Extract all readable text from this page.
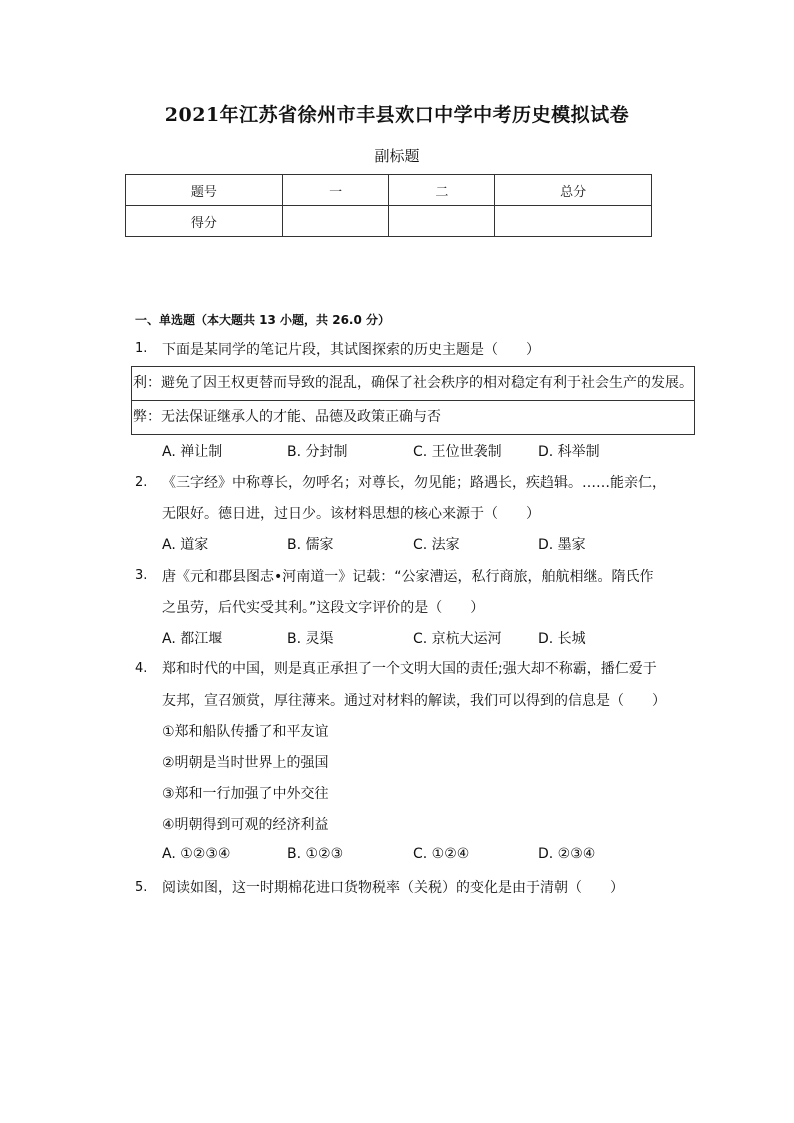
2021年江苏省徐州市丰县欢口中学中考历史模拟试卷
副标题
题号	一	二	总分
得分			
一、单选题（本大题共 13 小题，共 26.0 分）
1. 下面是某同学的笔记片段，其试图探索的历史主题是（　　）
利：避免了因王权更替而导致的混乱，确保了社会秩序的相对稳定有利于社会生产的发展。
弊：无法保证继承人的才能、品德及政策正确与否
A. 禅让制	B. 分封制	C. 王位世袭制	D. 科举制
2. 《三字经》中称尊长，勿呼名；对尊长，勿见能；路遇长，疾趋辑。……能亲仁，
无限好。德日进，过日少。该材料思想的核心来源于（　　）
A. 道家	B. 儒家	C. 法家	D. 墨家
3. 唐《元和郡县图志•河南道一》记载：“公家漕运，私行商旅，舶航相继。隋氏作
之虽劳，后代实受其利。”这段文字评价的是（　　）
A. 都江堰	B. 灵渠	C. 京杭大运河	D. 长城
4. 郑和时代的中国，则是真正承担了一个文明大国的责任;强大却不称霸，播仁爱于
友邦，宣召颁赏，厚往薄来。通过对材料的解读，我们可以得到的信息是（　　）
①郑和船队传播了和平友谊
②明朝是当时世界上的强国
③郑和一行加强了中外交往
④明朝得到可观的经济利益
A. ①②③④	B. ①②③	C. ①②④	D. ②③④
5. 阅读如图，这一时期棉花进口货物税率（关税）的变化是由于清朝（　　）
